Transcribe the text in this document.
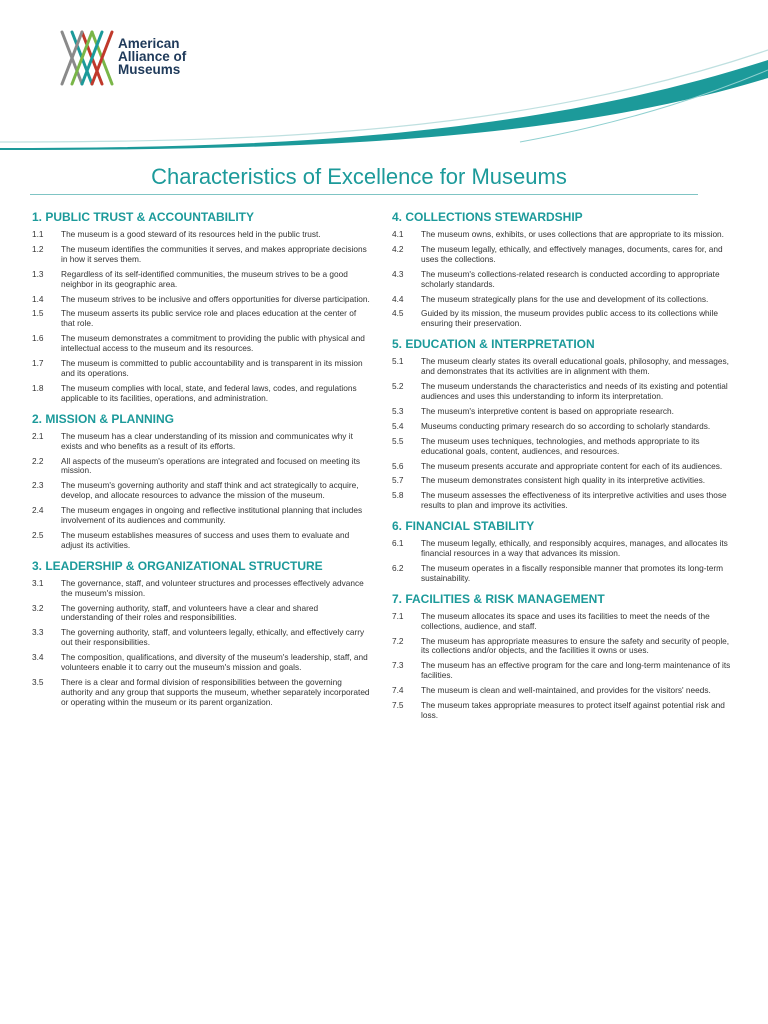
American
Alliance of
Museums
Characteristics of Excellence for Museums
1. PUBLIC TRUST & ACCOUNTABILITY
1.1 The museum is a good steward of its resources held in the public trust.
1.2 The museum identifies the communities it serves, and makes appropriate decisions in how it serves them.
1.3 Regardless of its self-identified communities, the museum strives to be a good neighbor in its geographic area.
1.4 The museum strives to be inclusive and offers opportunities for diverse participation.
1.5 The museum asserts its public service role and places education at the center of that role.
1.6 The museum demonstrates a commitment to providing the public with physical and intellectual access to the museum and its resources.
1.7 The museum is committed to public accountability and is transparent in its mission and its operations.
1.8 The museum complies with local, state, and federal laws, codes, and regulations applicable to its facilities, operations, and administration.
2. MISSION & PLANNING
2.1 The museum has a clear understanding of its mission and communicates why it exists and who benefits as a result of its efforts.
2.2 All aspects of the museum's operations are integrated and focused on meeting its mission.
2.3 The museum's governing authority and staff think and act strategically to acquire, develop, and allocate resources to advance the mission of the museum.
2.4 The museum engages in ongoing and reflective institutional planning that includes involvement of its audiences and community.
2.5 The museum establishes measures of success and uses them to evaluate and adjust its activities.
3. LEADERSHIP & ORGANIZATIONAL STRUCTURE
3.1 The governance, staff, and volunteer structures and processes effectively advance the museum's mission.
3.2 The governing authority, staff, and volunteers have a clear and shared understanding of their roles and responsibilities.
3.3 The governing authority, staff, and volunteers legally, ethically, and effectively carry out their responsibilities.
3.4 The composition, qualifications, and diversity of the museum's leadership, staff, and volunteers enable it to carry out the museum's mission and goals.
3.5 There is a clear and formal division of responsibilities between the governing authority and any group that supports the museum, whether separately incorporated or operating within the museum or its parent organization.
4. COLLECTIONS STEWARDSHIP
4.1 The museum owns, exhibits, or uses collections that are appropriate to its mission.
4.2 The museum legally, ethically, and effectively manages, documents, cares for, and uses the collections.
4.3 The museum's collections-related research is conducted according to appropriate scholarly standards.
4.4 The museum strategically plans for the use and development of its collections.
4.5 Guided by its mission, the museum provides public access to its collections while ensuring their preservation.
5. EDUCATION & INTERPRETATION
5.1 The museum clearly states its overall educational goals, philosophy, and messages, and demonstrates that its activities are in alignment with them.
5.2 The museum understands the characteristics and needs of its existing and potential audiences and uses this understanding to inform its interpretation.
5.3 The museum's interpretive content is based on appropriate research.
5.4 Museums conducting primary research do so according to scholarly standards.
5.5 The museum uses techniques, technologies, and methods appropriate to its educational goals, content, audiences, and resources.
5.6 The museum presents accurate and appropriate content for each of its audiences.
5.7 The museum demonstrates consistent high quality in its interpretive activities.
5.8 The museum assesses the effectiveness of its interpretive activities and uses those results to plan and improve its activities.
6. FINANCIAL STABILITY
6.1 The museum legally, ethically, and responsibly acquires, manages, and allocates its financial resources in a way that advances its mission.
6.2 The museum operates in a fiscally responsible manner that promotes its long-term sustainability.
7. FACILITIES & RISK MANAGEMENT
7.1 The museum allocates its space and uses its facilities to meet the needs of the collections, audience, and staff.
7.2 The museum has appropriate measures to ensure the safety and security of people, its collections and/or objects, and the facilities it owns or uses.
7.3 The museum has an effective program for the care and long-term maintenance of its facilities.
7.4 The museum is clean and well-maintained, and provides for the visitors' needs.
7.5 The museum takes appropriate measures to protect itself against potential risk and loss.
